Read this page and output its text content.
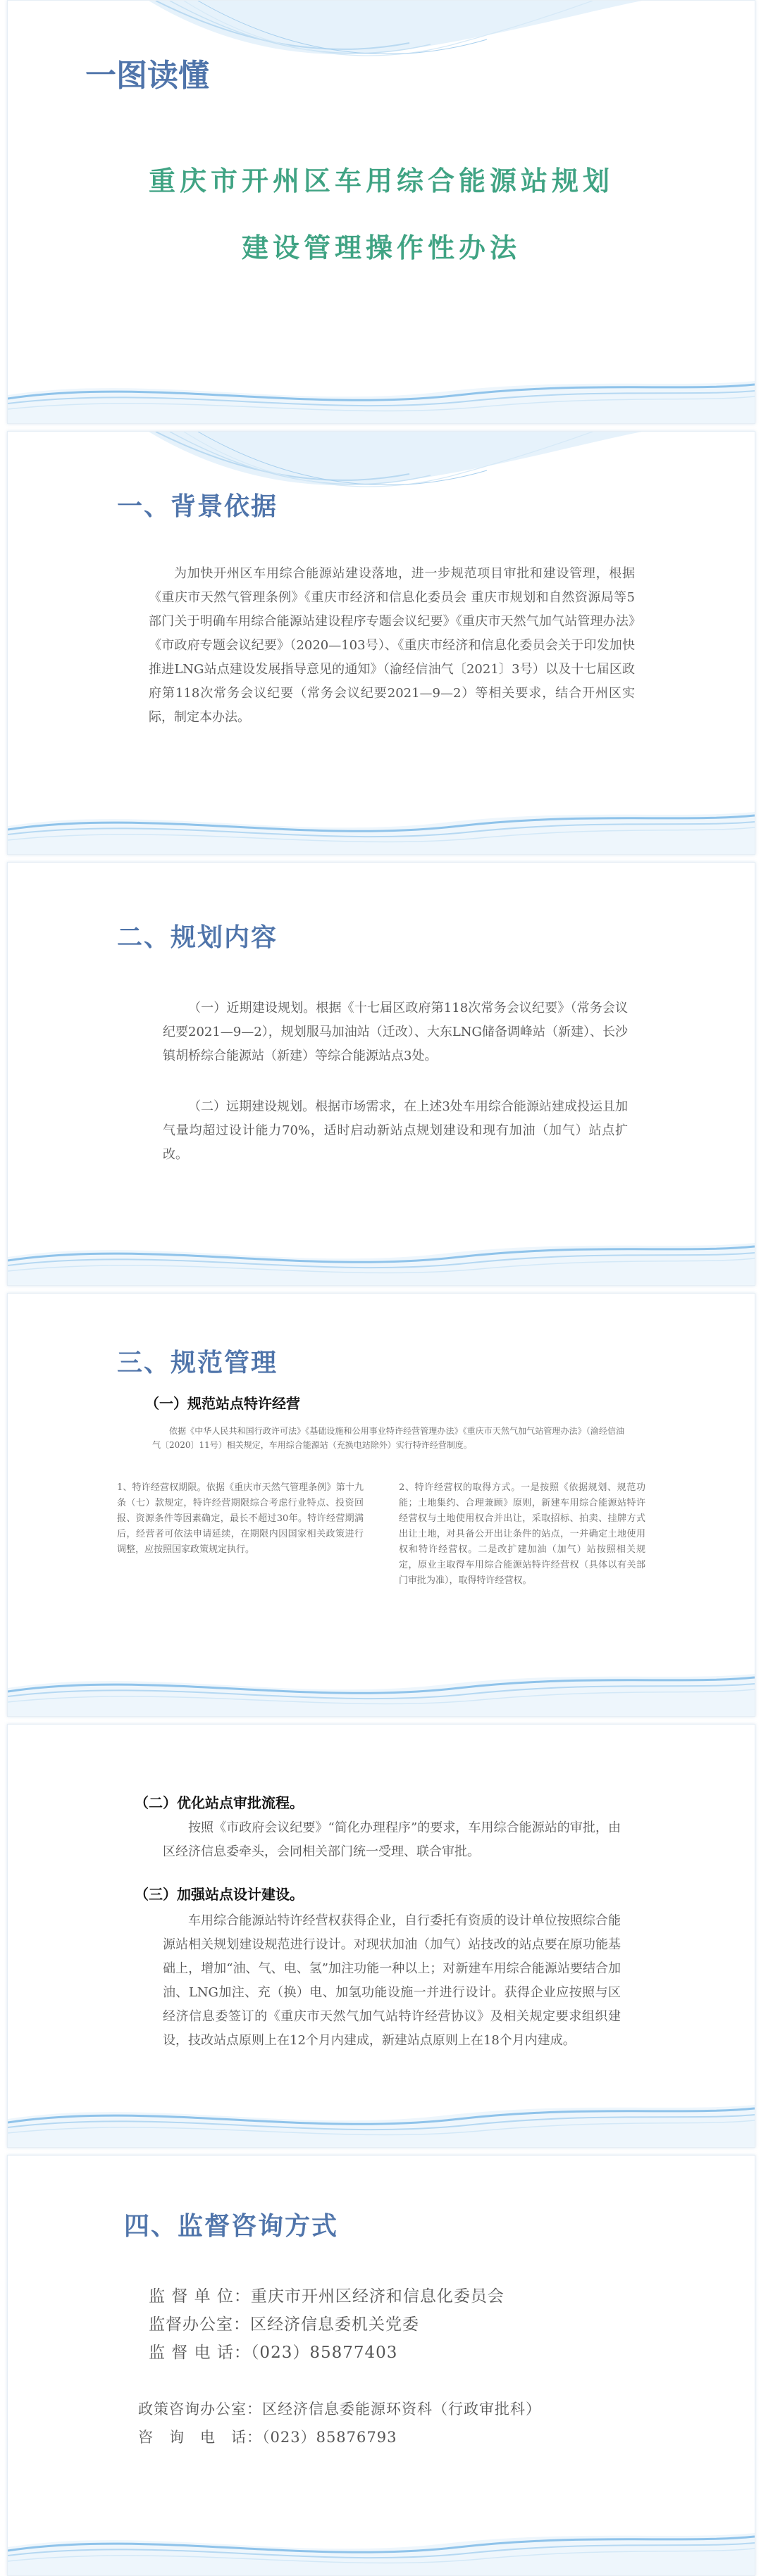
一图读懂
重庆市开州区车用综合能源站规划
建设管理操作性办法
一、背景依据
为加快开州区车用综合能源站建设落地，进一步规范项目审批和建设管理，根据《重庆市天然气管理条例》《重庆市经济和信息化委员会 重庆市规划和自然资源局等5部门关于明确车用综合能源站建设程序专题会议纪要》《重庆市天然气加气站管理办法》《市政府专题会议纪要》（2020—103号）、《重庆市经济和信息化委员会关于印发加快推进LNG站点建设发展指导意见的通知》（渝经信油气〔2021〕3号）以及十七届区政府第118次常务会议纪要（常务会议纪要2021—9—2）等相关要求，结合开州区实际，制定本办法。
二、规划内容
（一）近期建设规划。根据《十七届区政府第118次常务会议纪要》（常务会议纪要2021—9—2），规划服马加油站（迁改）、大东LNG储备调峰站（新建）、长沙镇胡桥综合能源站（新建）等综合能源站点3处。
（二）远期建设规划。根据市场需求，在上述3处车用综合能源站建成投运且加气量均超过设计能力70%，适时启动新站点规划建设和现有加油（加气）站点扩改。
三、规范管理
（一）规范站点特许经营
依据《中华人民共和国行政许可法》《基础设施和公用事业特许经营管理办法》《重庆市天然气加气站管理办法》（渝经信油气〔2020〕11号）相关规定，车用综合能源站（充换电站除外）实行特许经营制度。
1、特许经营权期限。依据《重庆市天然气管理条例》第十九条（七）款规定，特许经营期限综合考虑行业特点、投资回报、资源条件等因素确定，最长不超过30年。特许经营期满后，经营者可依法申请延续，在期限内因国家相关政策进行调整，应按照国家政策规定执行。
2、特许经营权的取得方式。一是按照《依据规划、规范功能；土地集约、合理兼顾》原则，新建车用综合能源站特许经营权与土地使用权合并出让，采取招标、拍卖、挂牌方式出让土地，对具备公开出让条件的站点，一并确定土地使用权和特许经营权。二是改扩建加油（加气）站按照相关规定，原业主取得车用综合能源站特许经营权（具体以有关部门审批为准），取得特许经营权。
（二）优化站点审批流程。
按照《市政府会议纪要》“简化办理程序”的要求，车用综合能源站的审批，由区经济信息委牵头，会同相关部门统一受理、联合审批。
（三）加强站点设计建设。
车用综合能源站特许经营权获得企业，自行委托有资质的设计单位按照综合能源站相关规划建设规范进行设计。对现状加油（加气）站技改的站点要在原功能基础上，增加“油、气、电、氢”加注功能一种以上；对新建车用综合能源站要结合加油、LNG加注、充（换）电、加氢功能设施一并进行设计。获得企业应按照与区经济信息委签订的《重庆市天然气加气站特许经营协议》及相关规定要求组织建设，技改站点原则上在12个月内建成，新建站点原则上在18个月内建成。
四、监督咨询方式
监 督 单 位：重庆市开州区经济和信息化委员会
监督办公室：区经济信息委机关党委
监 督 电 话：（023）85877403
政策咨询办公室：区经济信息委能源环资科（行政审批科）
咨　询　电　话：（023）85876793
